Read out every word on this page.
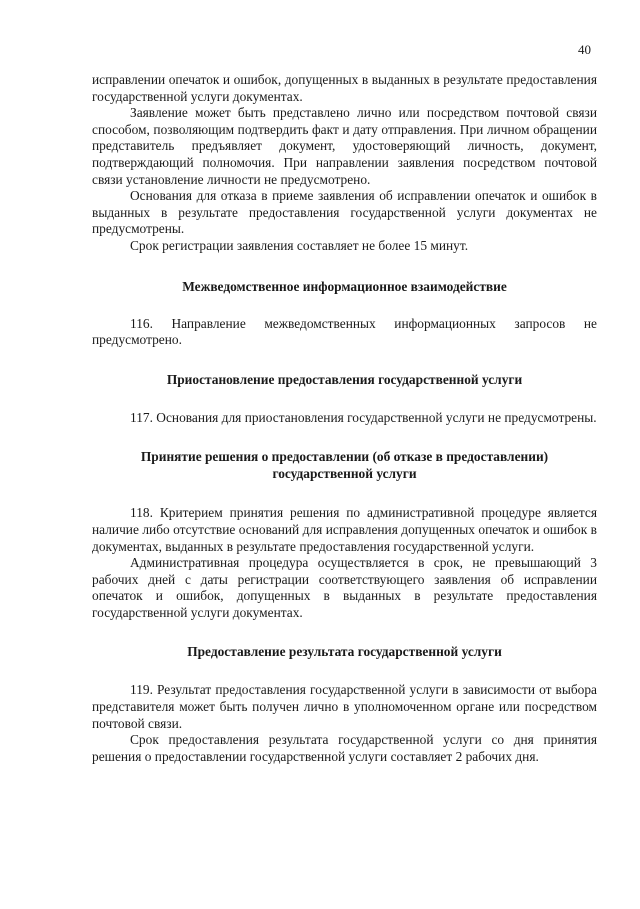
40

исправлении опечаток и ошибок, допущенных в выданных в результате предоставления государственной услуги документах.

Заявление может быть представлено лично или посредством почтовой связи способом, позволяющим подтвердить факт и дату отправления. При личном обращении представитель предъявляет документ, удостоверяющий личность, документ, подтверждающий полномочия. При направлении заявления посредством почтовой связи установление личности не предусмотрено.

Основания для отказа в приеме заявления об исправлении опечаток и ошибок в выданных в результате предоставления государственной услуги документах не предусмотрены.

Срок регистрации заявления составляет не более 15 минут.

Межведомственное информационное взаимодействие

116. Направление межведомственных информационных запросов не предусмотрено.

Приостановление предоставления государственной услуги

117. Основания для приостановления государственной услуги не предусмотрены.

Принятие решения о предоставлении (об отказе в предоставлении) государственной услуги

118. Критерием принятия решения по административной процедуре является наличие либо отсутствие оснований для исправления допущенных опечаток и ошибок в документах, выданных в результате предоставления государственной услуги.

Административная процедура осуществляется в срок, не превышающий 3 рабочих дней с даты регистрации соответствующего заявления об исправлении опечаток и ошибок, допущенных в выданных в результате предоставления государственной услуги документах.

Предоставление результата государственной услуги

119. Результат предоставления государственной услуги в зависимости от выбора представителя может быть получен лично в уполномоченном органе или посредством почтовой связи.

Срок предоставления результата государственной услуги со дня принятия решения о предоставлении государственной услуги составляет 2 рабочих дня.
